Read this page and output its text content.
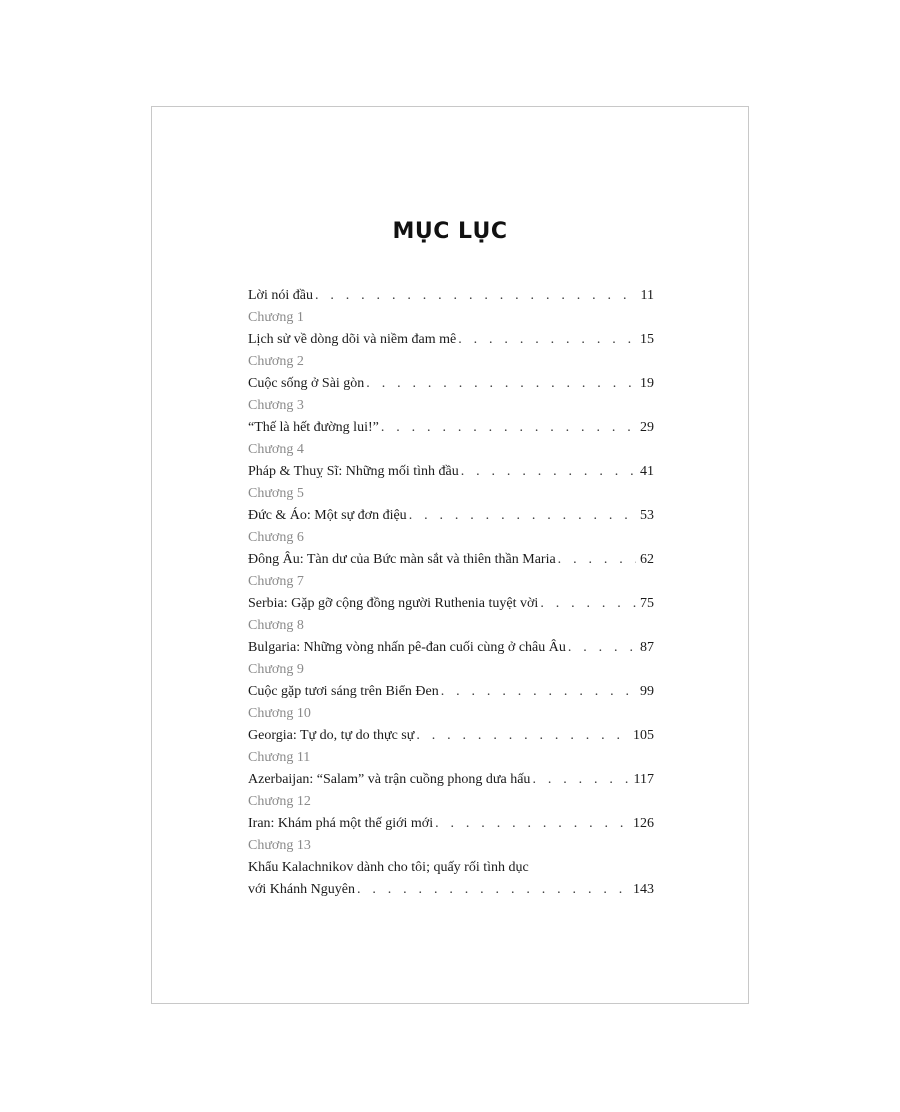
MỤC LỤC
Lời nói đầu . . .	11
Chương 1
Lịch sử về dòng dõi và niềm đam mê . . .	15
Chương 2
Cuộc sống ở Sài gòn . . .	19
Chương 3
“Thế là hết đường lui!” . . .	29
Chương 4
Pháp & Thuỵ Sĩ: Những mối tình đầu . . .	41
Chương 5
Đức & Áo: Một sự đơn điệu . . .	53
Chương 6
Đông Âu: Tàn dư của Bức màn sắt và thiên thần Maria . . .	62
Chương 7
Serbia: Gặp gỡ cộng đồng người Ruthenia tuyệt vời . . .	75
Chương 8
Bulgaria: Những vòng nhấn pê-đan cuối cùng ở châu Âu . . .	87
Chương 9
Cuộc gặp tươi sáng trên Biển Đen . . .	99
Chương 10
Georgia: Tự do, tự do thực sự . . .	105
Chương 11
Azerbaijan: “Salam” và trận cuồng phong dưa hấu . . .	117
Chương 12
Iran: Khám phá một thế giới mới . . .	126
Chương 13
Khẩu Kalachnikov dành cho tôi; quấy rối tình dục
với Khánh Nguyên . . .	143
